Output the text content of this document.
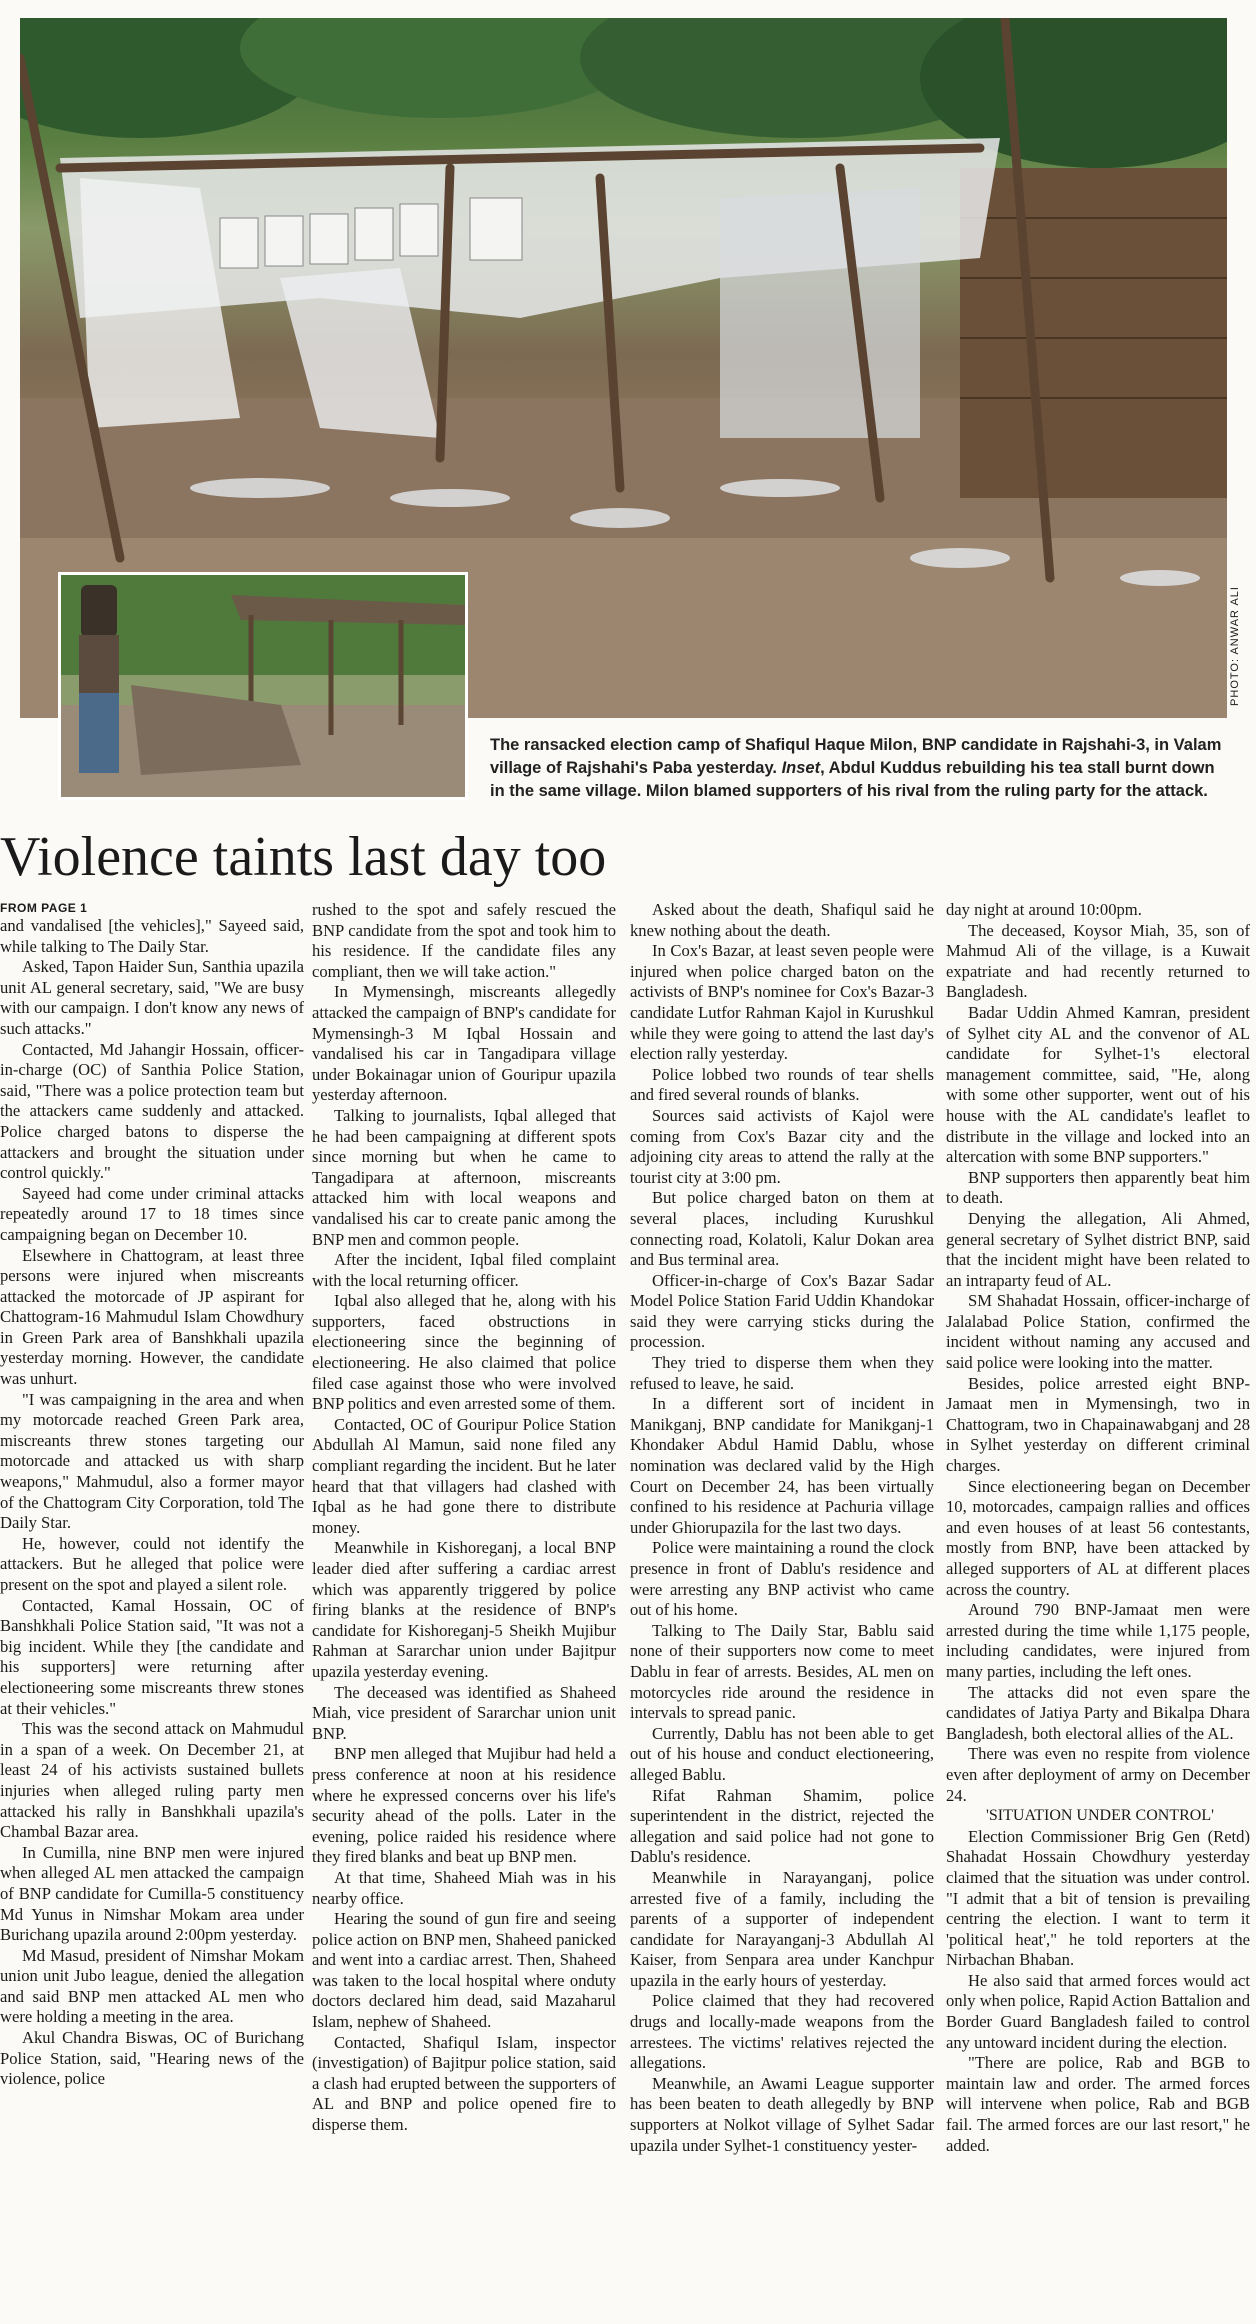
PHOTO: ANWAR ALI
The ransacked election camp of Shafiqul Haque Milon, BNP candidate in Rajshahi-3, in Valam village of Rajshahi's Paba yesterday. Inset, Abdul Kuddus rebuilding his tea stall burnt down in the same village. Milon blamed supporters of his rival from the ruling party for the attack.
Violence taints last day too

FROM PAGE 1

and vandalised [the vehicles]," Sayeed said, while talking to The Daily Star.

Asked, Tapon Haider Sun, Santhia upazila unit AL general secretary, said, "We are busy with our campaign. I don't know any news of such attacks."

Contacted, Md Jahangir Hossain, officer-in-charge (OC) of Santhia Police Station, said, "There was a police protection team but the attackers came suddenly and attacked. Police charged batons to disperse the attackers and brought the situation under control quickly."

Sayeed had come under criminal attacks repeatedly around 17 to 18 times since campaigning began on December 10.

Elsewhere in Chattogram, at least three persons were injured when miscreants attacked the motorcade of JP aspirant for Chattogram-16 Mahmudul Islam Chowdhury in Green Park area of Banshkhali upazila yesterday morning. However, the candidate was unhurt.

"I was campaigning in the area and when my motorcade reached Green Park area, miscreants threw stones targeting our motorcade and attacked us with sharp weapons," Mahmudul, also a former mayor of the Chattogram City Corporation, told The Daily Star.

He, however, could not identify the attackers. But he alleged that police were present on the spot and played a silent role.

Contacted, Kamal Hossain, OC of Banshkhali Police Station said, "It was not a big incident. While they [the candidate and his supporters] were returning after electioneering some miscreants threw stones at their vehicles."

This was the second attack on Mahmudul in a span of a week. On December 21, at least 24 of his activists sustained bullets injuries when alleged ruling party men attacked his rally in Banshkhali upazila's Chambal Bazar area.

In Cumilla, nine BNP men were injured when alleged AL men attacked the campaign of BNP candidate for Cumilla-5 constituency Md Yunus in Nimshar Mokam area under Burichang upazila around 2:00pm yesterday.

Md Masud, president of Nimshar Mokam union unit Jubo league, denied the allegation and said BNP men attacked AL men who were holding a meeting in the area.

Akul Chandra Biswas, OC of Burichang Police Station, said, "Hearing news of the violence, police

rushed to the spot and safely rescued the BNP candidate from the spot and took him to his residence. If the candidate files any compliant, then we will take action."

In Mymensingh, miscreants allegedly attacked the campaign of BNP's candidate for Mymensingh-3 M Iqbal Hossain and vandalised his car in Tangadipara village under Bokainagar union of Gouripur upazila yesterday afternoon.

Talking to journalists, Iqbal alleged that he had been campaigning at different spots since morning but when he came to Tangadipara at afternoon, miscreants attacked him with local weapons and vandalised his car to create panic among the BNP men and common people.

After the incident, Iqbal filed complaint with the local returning officer.

Iqbal also alleged that he, along with his supporters, faced obstructions in electioneering since the beginning of electioneering. He also claimed that police filed case against those who were involved BNP politics and even arrested some of them.

Contacted, OC of Gouripur Police Station Abdullah Al Mamun, said none filed any compliant regarding the incident. But he later heard that that villagers had clashed with Iqbal as he had gone there to distribute money.

Meanwhile in Kishoreganj, a local BNP leader died after suffering a cardiac arrest which was apparently triggered by police firing blanks at the residence of BNP's candidate for Kishoreganj-5 Sheikh Mujibur Rahman at Sararchar union under Bajitpur upazila yesterday evening.

The deceased was identified as Shaheed Miah, vice president of Sararchar union unit BNP.

BNP men alleged that Mujibur had held a press conference at noon at his residence where he expressed concerns over his life's security ahead of the polls. Later in the evening, police raided his residence where they fired blanks and beat up BNP men.

At that time, Shaheed Miah was in his nearby office.

Hearing the sound of gun fire and seeing police action on BNP men, Shaheed panicked and went into a cardiac arrest. Then, Shaheed was taken to the local hospital where onduty doctors declared him dead, said Mazaharul Islam, nephew of Shaheed.

Contacted, Shafiqul Islam, inspector (investigation) of Bajitpur police station, said a clash had erupted between the supporters of AL and BNP and police opened fire to disperse them.

Asked about the death, Shafiqul said he knew nothing about the death.

In Cox's Bazar, at least seven people were injured when police charged baton on the activists of BNP's nominee for Cox's Bazar-3 candidate Lutfor Rahman Kajol in Kurushkul while they were going to attend the last day's election rally yesterday.

Police lobbed two rounds of tear shells and fired several rounds of blanks.

Sources said activists of Kajol were coming from Cox's Bazar city and the adjoining city areas to attend the rally at the tourist city at 3:00 pm.

But police charged baton on them at several places, including Kurushkul connecting road, Kolatoli, Kalur Dokan area and Bus terminal area.

Officer-in-charge of Cox's Bazar Sadar Model Police Station Farid Uddin Khandokar said they were carrying sticks during the procession.

They tried to disperse them when they refused to leave, he said.

In a different sort of incident in Manikganj, BNP candidate for Manikganj-1 Khondaker Abdul Hamid Dablu, whose nomination was declared valid by the High Court on December 24, has been virtually confined to his residence at Pachuria village under Ghiorupazila for the last two days.

Police were maintaining a round the clock presence in front of Dablu's residence and were arresting any BNP activist who came out of his home.

Talking to The Daily Star, Bablu said none of their supporters now come to meet Dablu in fear of arrests. Besides, AL men on motorcycles ride around the residence in intervals to spread panic.

Currently, Dablu has not been able to get out of his house and conduct electioneering, alleged Bablu.

Rifat Rahman Shamim, police superintendent in the district, rejected the allegation and said police had not gone to Dablu's residence.

Meanwhile in Narayanganj, police arrested five of a family, including the parents of a supporter of independent candidate for Narayanganj-3 Abdullah Al Kaiser, from Senpara area under Kanchpur upazila in the early hours of yesterday.

Police claimed that they had recovered drugs and locally-made weapons from the arrestees. The victims' relatives rejected the allegations.

Meanwhile, an Awami League supporter has been beaten to death allegedly by BNP supporters at Nolkot village of Sylhet Sadar upazila under Sylhet-1 constituency yester-

day night at around 10:00pm.

The deceased, Koysor Miah, 35, son of Mahmud Ali of the village, is a Kuwait expatriate and had recently returned to Bangladesh.

Badar Uddin Ahmed Kamran, president of Sylhet city AL and the convenor of AL candidate for Sylhet-1's electoral management committee, said, "He, along with some other supporter, went out of his house with the AL candidate's leaflet to distribute in the village and locked into an altercation with some BNP supporters."

BNP supporters then apparently beat him to death.

Denying the allegation, Ali Ahmed, general secretary of Sylhet district BNP, said that the incident might have been related to an intraparty feud of AL.

SM Shahadat Hossain, officer-incharge of Jalalabad Police Station, confirmed the incident without naming any accused and said police were looking into the matter.

Besides, police arrested eight BNP-Jamaat men in Mymensingh, two in Chattogram, two in Chapainawabganj and 28 in Sylhet yesterday on different criminal charges.

Since electioneering began on December 10, motorcades, campaign rallies and offices and even houses of at least 56 contestants, mostly from BNP, have been attacked by alleged supporters of AL at different places across the country.

Around 790 BNP-Jamaat men were arrested during the time while 1,175 people, including candidates, were injured from many parties, including the left ones.

The attacks did not even spare the candidates of Jatiya Party and Bikalpa Dhara Bangladesh, both electoral allies of the AL.

There was even no respite from violence even after deployment of army on December 24.

'SITUATION UNDER CONTROL'

Election Commissioner Brig Gen (Retd) Shahadat Hossain Chowdhury yesterday claimed that the situation was under control. "I admit that a bit of tension is prevailing centring the election. I want to term it 'political heat'," he told reporters at the Nirbachan Bhaban.

He also said that armed forces would act only when police, Rapid Action Battalion and Border Guard Bangladesh failed to control any untoward incident during the election.

"There are police, Rab and BGB to maintain law and order. The armed forces will intervene when police, Rab and BGB fail. The armed forces are our last resort," he added.
